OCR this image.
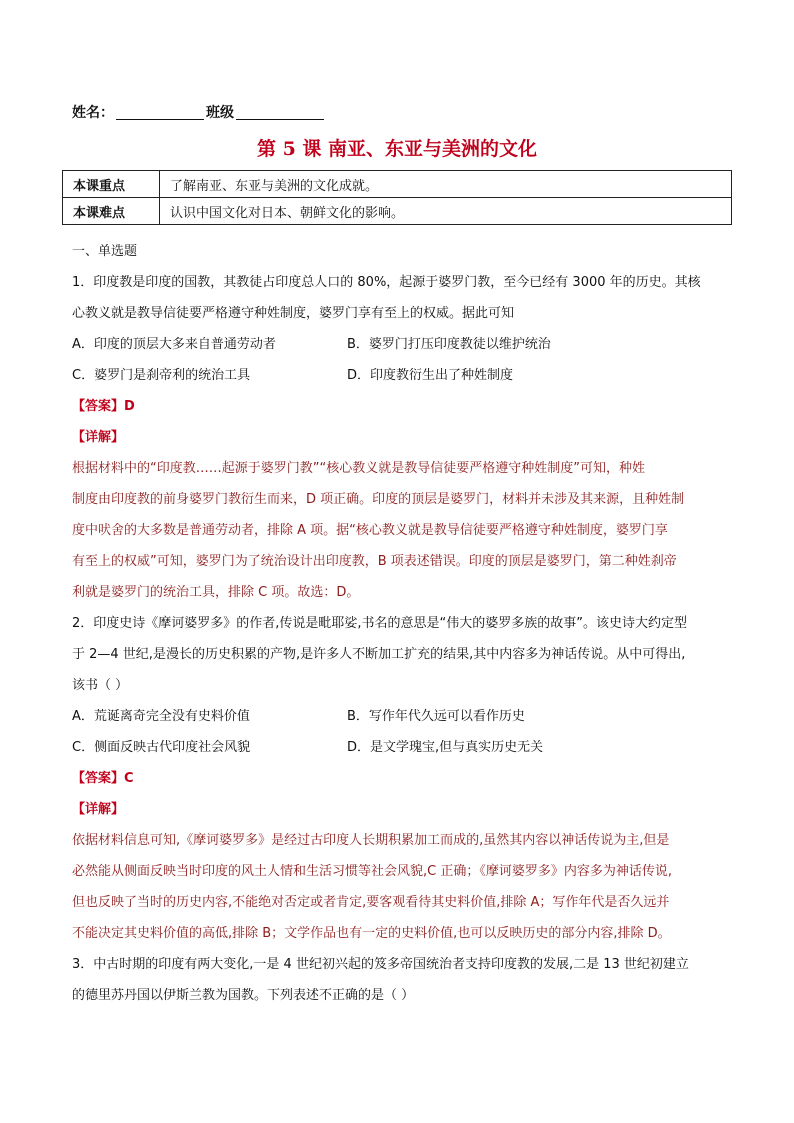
姓名：	班级
第 5 课 南亚、东亚与美洲的文化
本课重点	了解南亚、东亚与美洲的文化成就。
本课难点	认识中国文化对日本、朝鲜文化的影响。

一、单选题

1．印度教是印度的国教，其教徒占印度总人口的 80%，起源于婆罗门教，至今已经有 3000 年的历史。其核

心教义就是教导信徒要严格遵守种姓制度，婆罗门享有至上的权威。据此可知

A．印度的顶层大多来自普通劳动者	B．婆罗门打压印度教徒以维护统治
C．婆罗门是刹帝利的统治工具	D．印度教衍生出了种姓制度

【答案】D

【详解】

根据材料中的“印度教……起源于婆罗门教”“核心教义就是教导信徒要严格遵守种姓制度”可知，种姓

制度由印度教的前身婆罗门教衍生而来，D 项正确。印度的顶层是婆罗门，材料并未涉及其来源，且种姓制

度中吠舍的大多数是普通劳动者，排除 A 项。据“核心教义就是教导信徒要严格遵守种姓制度，婆罗门享

有至上的权威”可知，婆罗门为了统治设计出印度教，B 项表述错误。印度的顶层是婆罗门，第二种姓刹帝

利就是婆罗门的统治工具，排除 C 项。故选：D。

2．印度史诗《摩诃婆罗多》的作者,传说是毗耶娑,书名的意思是“伟大的婆罗多族的故事”。该史诗大约定型

于 2—4 世纪,是漫长的历史积累的产物,是许多人不断加工扩充的结果,其中内容多为神话传说。从中可得出,

该书（ ）

A．荒诞离奇完全没有史料价值	B．写作年代久远可以看作历史
C．侧面反映古代印度社会风貌	D．是文学瑰宝,但与真实历史无关

【答案】C

【详解】

依据材料信息可知,《摩诃婆罗多》是经过古印度人长期积累加工而成的,虽然其内容以神话传说为主,但是

必然能从侧面反映当时印度的风土人情和生活习惯等社会风貌,C 正确；《摩诃婆罗多》内容多为神话传说,

但也反映了当时的历史内容,不能绝对否定或者肯定,要客观看待其史料价值,排除 A；写作年代是否久远并

不能决定其史料价值的高低,排除 B；文学作品也有一定的史料价值,也可以反映历史的部分内容,排除 D。

3．中古时期的印度有两大变化,一是 4 世纪初兴起的笈多帝国统治者支持印度教的发展,二是 13 世纪初建立

的德里苏丹国以伊斯兰教为国教。下列表述不正确的是（ ）
